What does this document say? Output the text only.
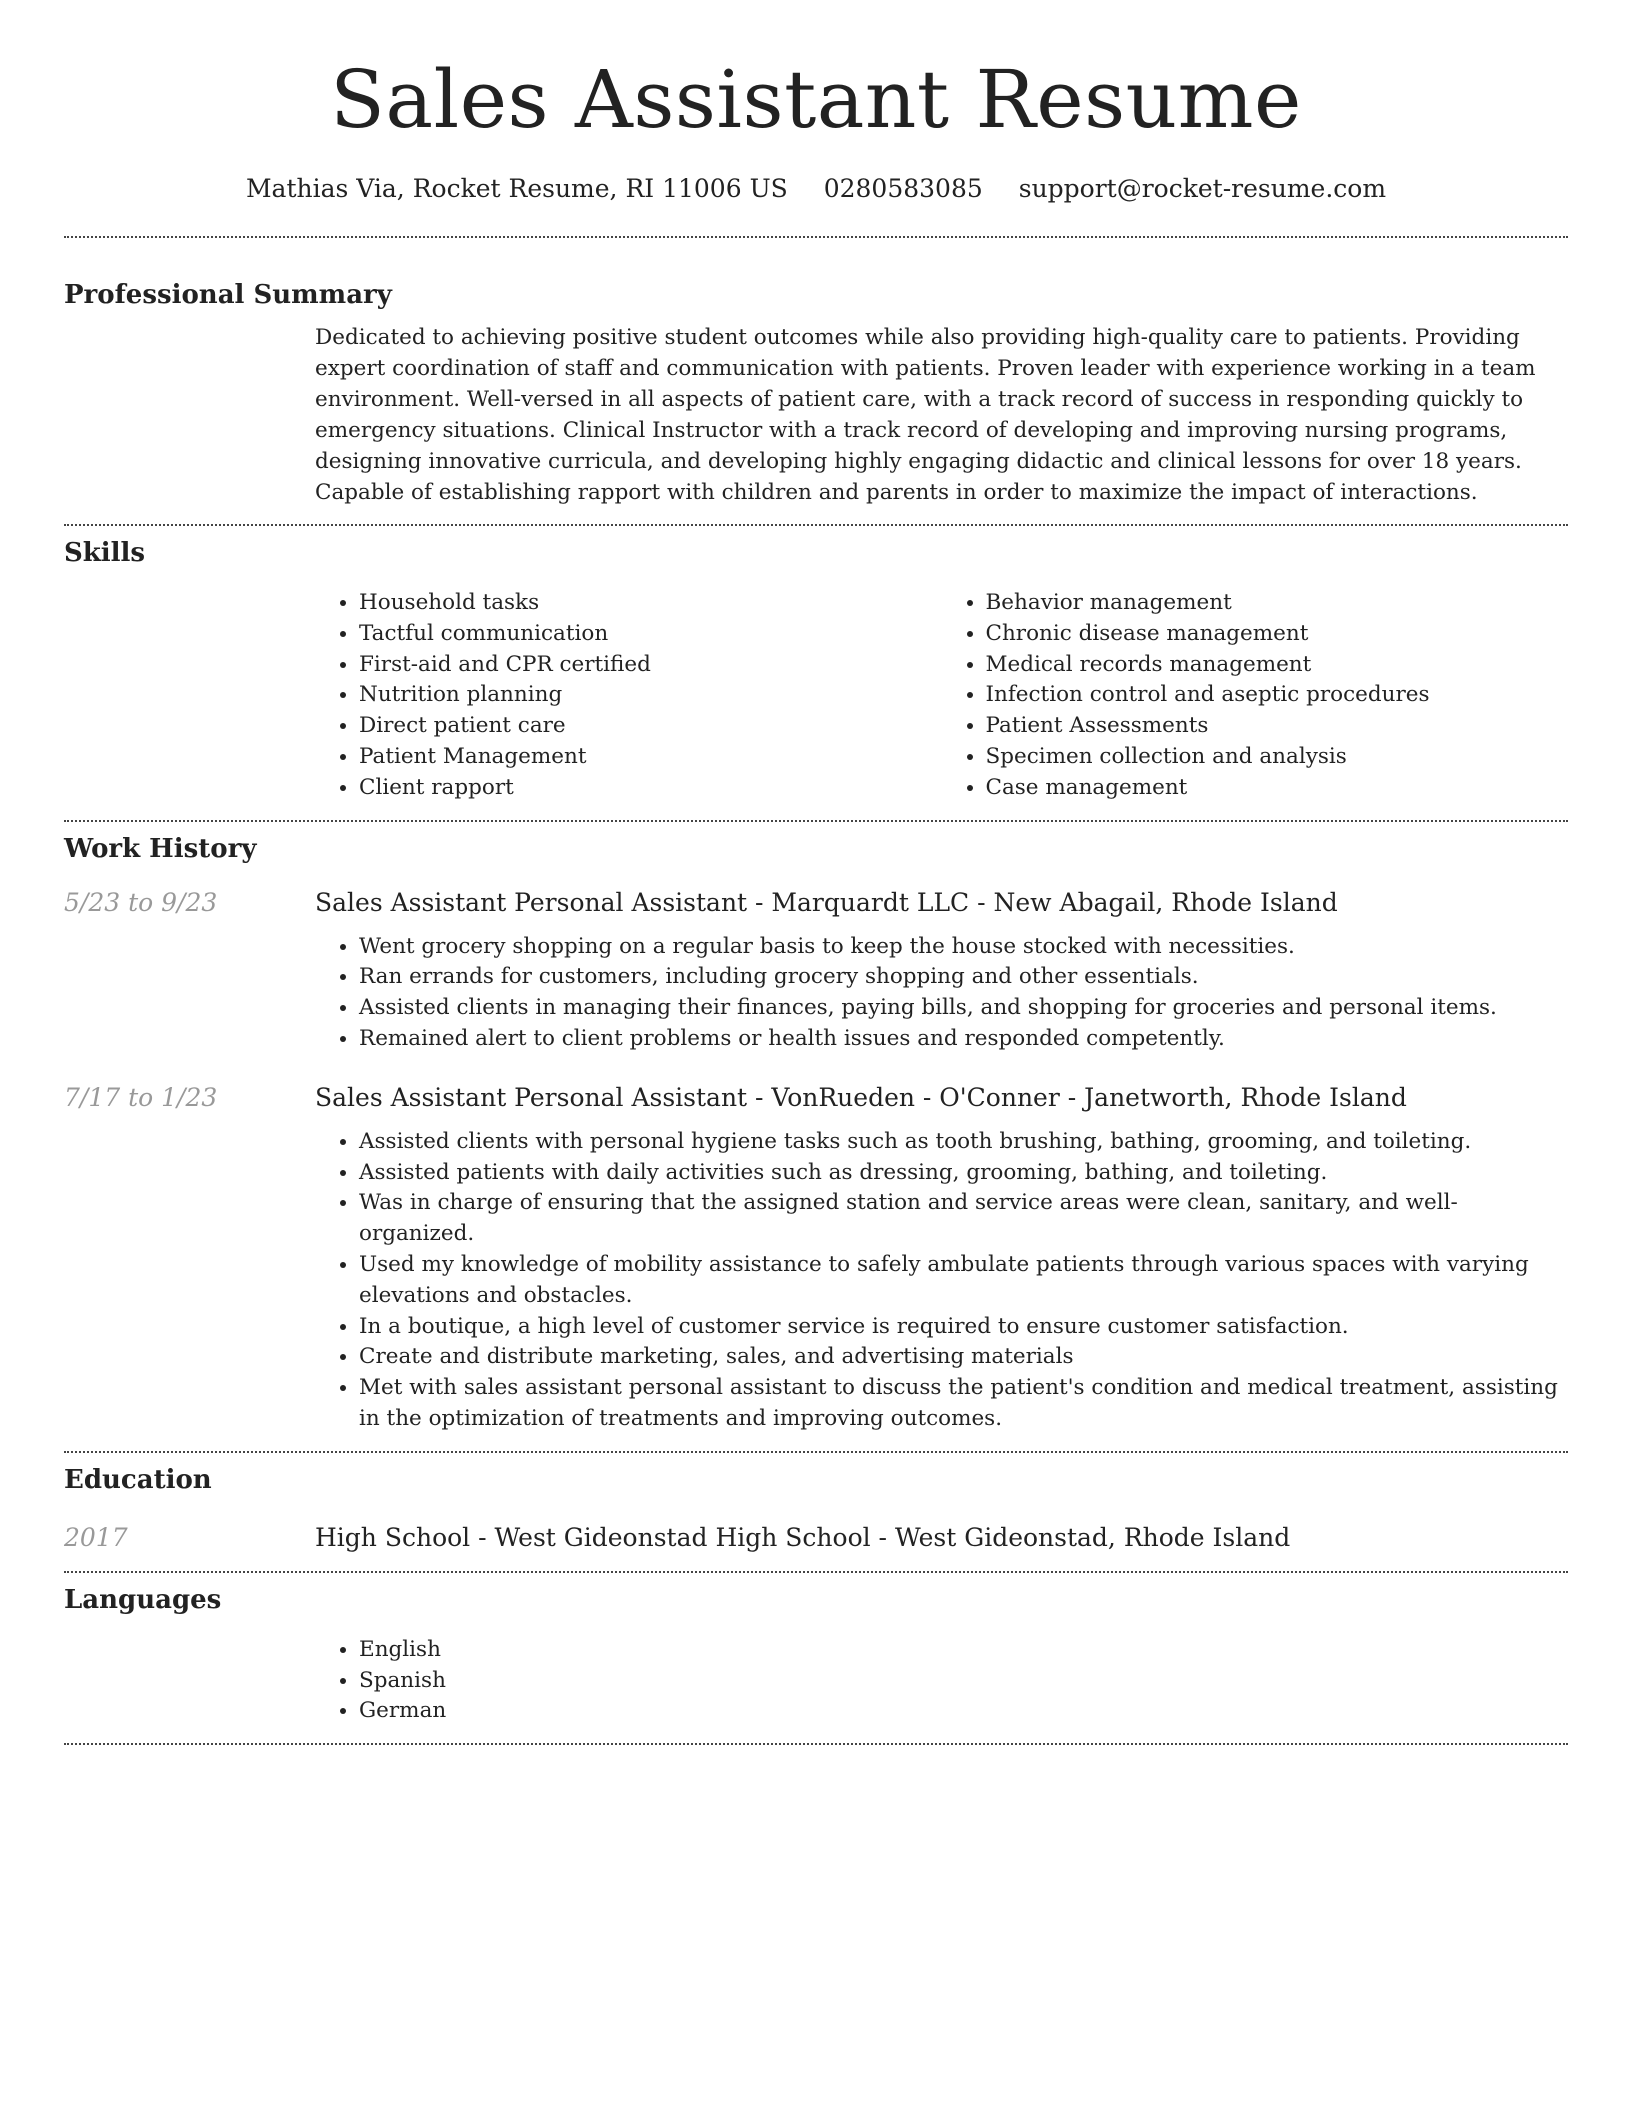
Sales Assistant Resume
Mathias Via, Rocket Resume, RI 11006 US 0280583085 support@rocket-resume.com
Professional Summary

Dedicated to achieving positive student outcomes while also providing high-quality care to patients. Providing expert coordination of staff and communication with patients. Proven leader with experience working in a team environment. Well-versed in all aspects of patient care, with a track record of success in responding quickly to emergency situations. Clinical Instructor with a track record of developing and improving nursing programs, designing innovative curricula, and developing highly engaging didactic and clinical lessons for over 18 years. Capable of establishing rapport with children and parents in order to maximize the impact of interactions.

Skills
• Household tasks
• Tactful communication
• First-aid and CPR certified
• Nutrition planning
• Direct patient care
• Patient Management
• Client rapport
• Behavior management
• Chronic disease management
• Medical records management
• Infection control and aseptic procedures
• Patient Assessments
• Specimen collection and analysis
• Case management
Work History
5/23 to 9/23	Sales Assistant Personal Assistant - Marquardt LLC - New Abagail, Rhode Island
• Went grocery shopping on a regular basis to keep the house stocked with necessities.
• Ran errands for customers, including grocery shopping and other essentials.
• Assisted clients in managing their finances, paying bills, and shopping for groceries and personal items.
• Remained alert to client problems or health issues and responded competently.
7/17 to 1/23	Sales Assistant Personal Assistant - VonRueden - O'Conner - Janetworth, Rhode Island
• Assisted clients with personal hygiene tasks such as tooth brushing, bathing, grooming, and toileting.
• Assisted patients with daily activities such as dressing, grooming, bathing, and toileting.
• Was in charge of ensuring that the assigned station and service areas were clean, sanitary, and well-organized.
• Used my knowledge of mobility assistance to safely ambulate patients through various spaces with varying elevations and obstacles.
• In a boutique, a high level of customer service is required to ensure customer satisfaction.
• Create and distribute marketing, sales, and advertising materials
• Met with sales assistant personal assistant to discuss the patient's condition and medical treatment, assisting in the optimization of treatments and improving outcomes.
Education
2017	High School - West Gideonstad High School - West Gideonstad, Rhode Island
Languages
• English
• Spanish
• German
